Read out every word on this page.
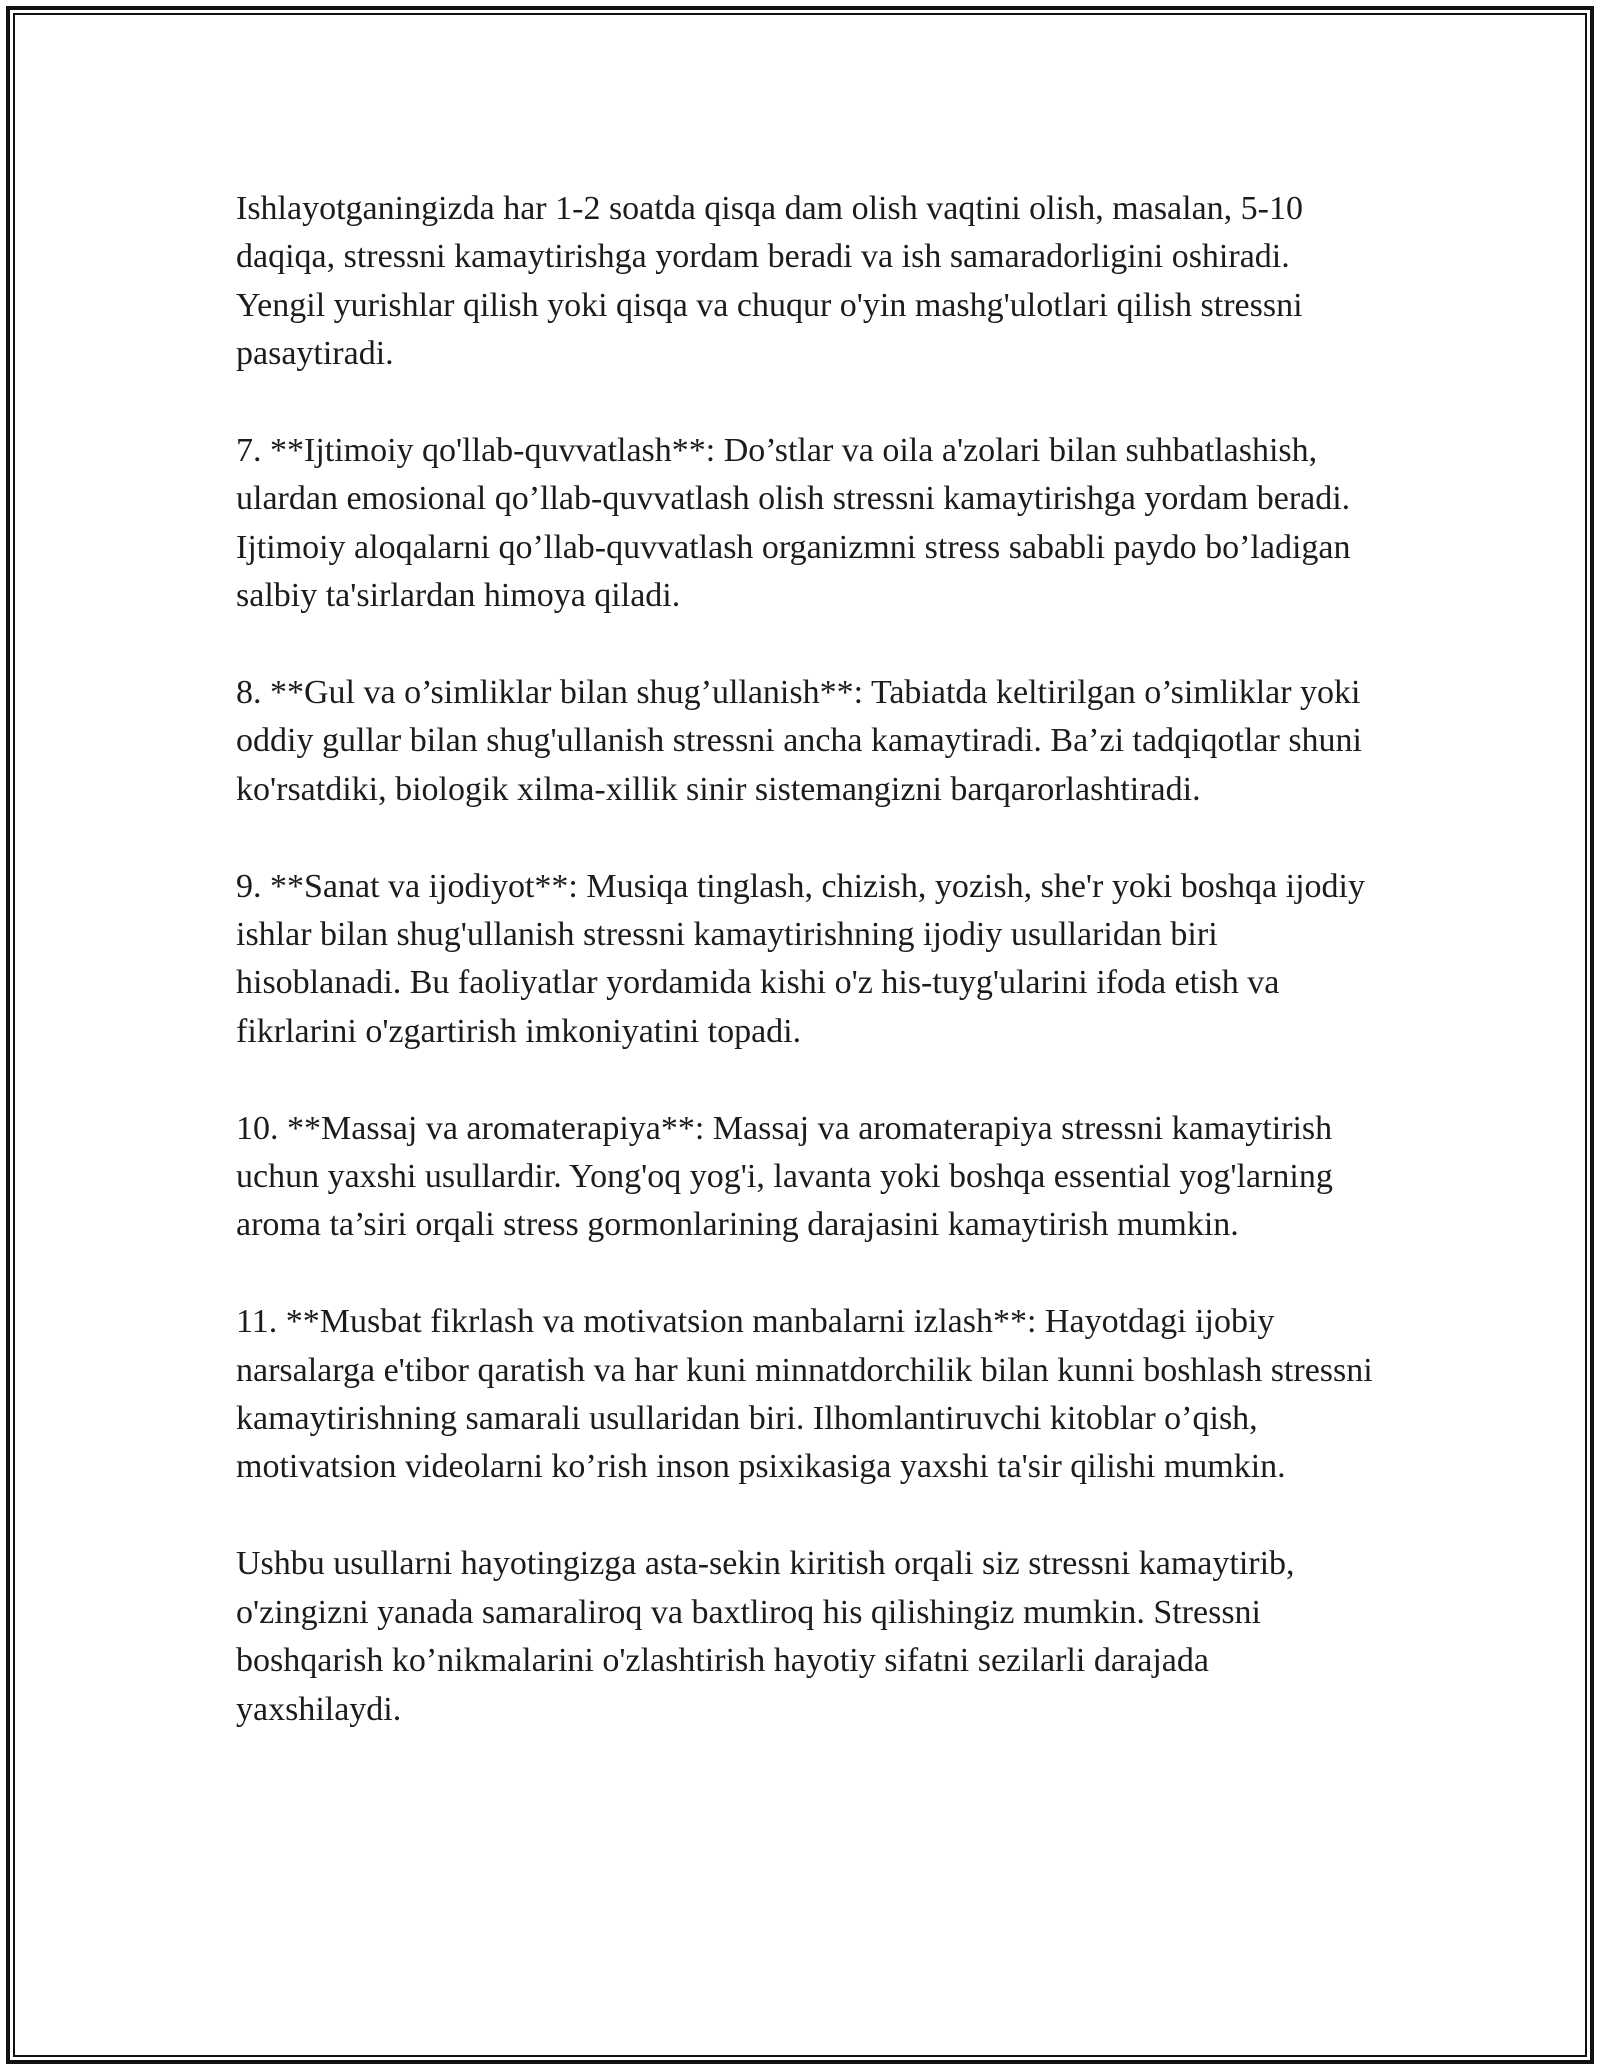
Ishlayotganingizda har 1-2 soatda qisqa dam olish vaqtini olish, masalan, 5-10 daqiqa, stressni kamaytirishga yordam beradi va ish samaradorligini oshiradi. Yengil yurishlar qilish yoki qisqa va chuqur o'yin mashg'ulotlari qilish stressni pasaytiradi.

7. **Ijtimoiy qo'llab-quvvatlash**: Do’stlar va oila a'zolari bilan suhbatlashish, ulardan emosional qo’llab-quvvatlash olish stressni kamaytirishga yordam beradi. Ijtimoiy aloqalarni qo’llab-quvvatlash organizmni stress sababli paydo bo’ladigan salbiy ta'sirlardan himoya qiladi.

8. **Gul va o’simliklar bilan shug’ullanish**: Tabiatda keltirilgan o’simliklar yoki oddiy gullar bilan shug'ullanish stressni ancha kamaytiradi. Ba’zi tadqiqotlar shuni ko'rsatdiki, biologik xilma-xillik sinir sistemangizni barqarorlashtiradi.

9. **Sanat va ijodiyot**: Musiqa tinglash, chizish, yozish, she'r yoki boshqa ijodiy ishlar bilan shug'ullanish stressni kamaytirishning ijodiy usullaridan biri hisoblanadi. Bu faoliyatlar yordamida kishi o'z his-tuyg'ularini ifoda etish va fikrlarini o'zgartirish imkoniyatini topadi.

10. **Massaj va aromaterapiya**: Massaj va aromaterapiya stressni kamaytirish uchun yaxshi usullardir. Yong'oq yog'i, lavanta yoki boshqa essential yog'larning aroma ta’siri orqali stress gormonlarining darajasini kamaytirish mumkin.

11. **Musbat fikrlash va motivatsion manbalarni izlash**: Hayotdagi ijobiy narsalarga e'tibor qaratish va har kuni minnatdorchilik bilan kunni boshlash stressni kamaytirishning samarali usullaridan biri. Ilhomlantiruvchi kitoblar o’qish, motivatsion videolarni ko’rish inson psixikasiga yaxshi ta'sir qilishi mumkin.

Ushbu usullarni hayotingizga asta-sekin kiritish orqali siz stressni kamaytirib, o'zingizni yanada samaraliroq va baxtliroq his qilishingiz mumkin. Stressni boshqarish ko’nikmalarini o'zlashtirish hayotiy sifatni sezilarli darajada yaxshilaydi.
